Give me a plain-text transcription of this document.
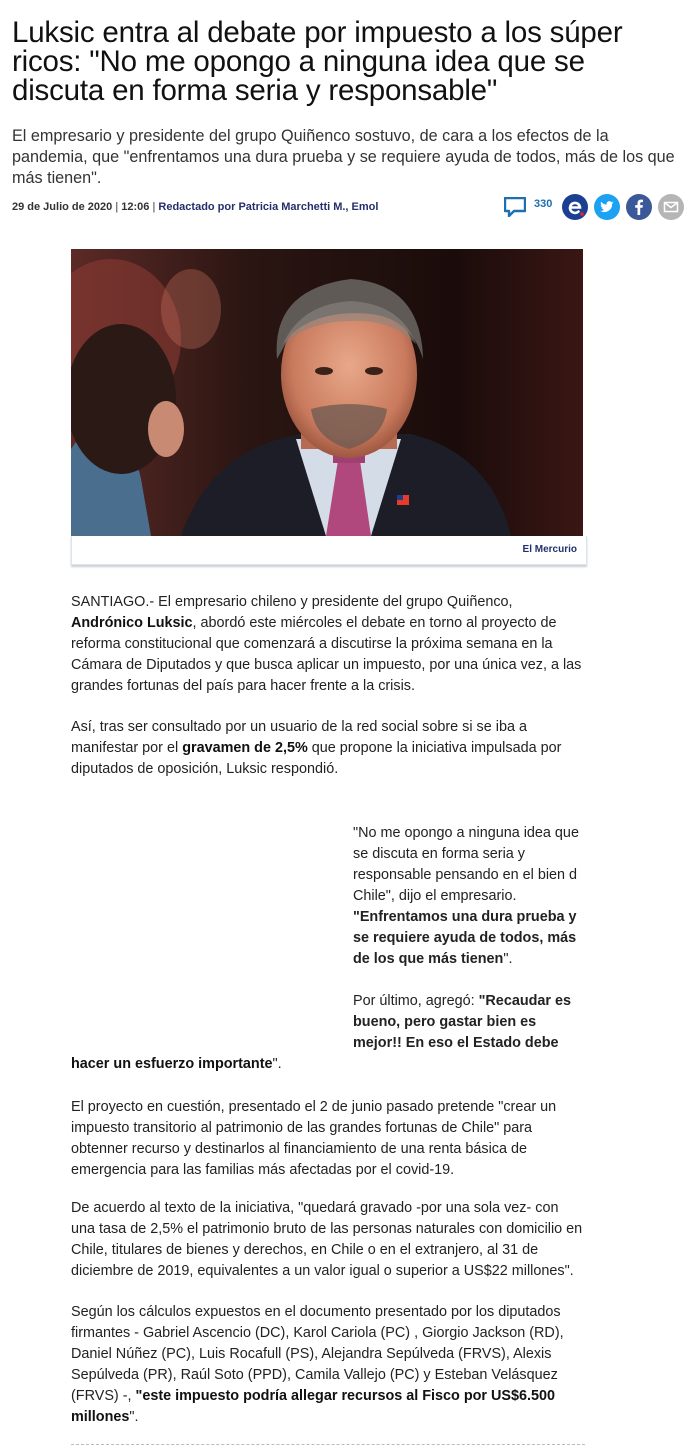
Luksic entra al debate por impuesto a los súper ricos: "No me opongo a ninguna idea que se discuta en forma seria y responsable"

El empresario y presidente del grupo Quiñenco sostuvo, de cara a los efectos de la pandemia, que "enfrentamos una dura prueba y se requiere ayuda de todos, más de los que más tienen".

29 de Julio de 2020 | 12:06 | Redactado por Patricia Marchetti M., Emol	330
El Mercurio

SANTIAGO.- El empresario chileno y presidente del grupo Quiñenco,
Andrónico Luksic, abordó este miércoles el debate en torno al proyecto de reforma constitucional que comenzará a discutirse la próxima semana en la Cámara de Diputados y que busca aplicar un impuesto, por una única vez, a las grandes fortunas del país para hacer frente a la crisis.

Así, tras ser consultado por un usuario de la red social sobre si se iba a manifestar por el gravamen de 2,5% que propone la iniciativa impulsada por diputados de oposición, Luksic respondió.

"No me opongo a ninguna idea que se discuta en forma seria y responsable pensando en el bien d Chile", dijo el empresario.
"Enfrentamos una dura prueba y se requiere ayuda de todos, más de los que más tienen".

Por último, agregó: "Recaudar es bueno, pero gastar bien es mejor!! En eso el Estado debe

hacer un esfuerzo importante".

El proyecto en cuestión, presentado el 2 de junio pasado pretende "crear un impuesto transitorio al patrimonio de las grandes fortunas de Chile" para obtenner recurso y destinarlos al financiamiento de una renta básica de emergencia para las familias más afectadas por el covid-19.

De acuerdo al texto de la iniciativa, "quedará gravado -por una sola vez- con una tasa de 2,5% el patrimonio bruto de las personas naturales con domicilio en Chile, titulares de bienes y derechos, en Chile o en el extranjero, al 31 de diciembre de 2019, equivalentes a un valor igual o superior a US$22 millones".

Según los cálculos expuestos en el documento presentado por los diputados firmantes - Gabriel Ascencio (DC), Karol Cariola (PC) , Giorgio Jackson (RD), Daniel Núñez (PC), Luis Rocafull (PS), Alejandra Sepúlveda (FRVS), Alexis Sepúlveda (PR), Raúl Soto (PPD), Camila Vallejo (PC) y Esteban Velásquez (FRVS) -, "este impuesto podría allegar recursos al Fisco por US$6.500 millones".
